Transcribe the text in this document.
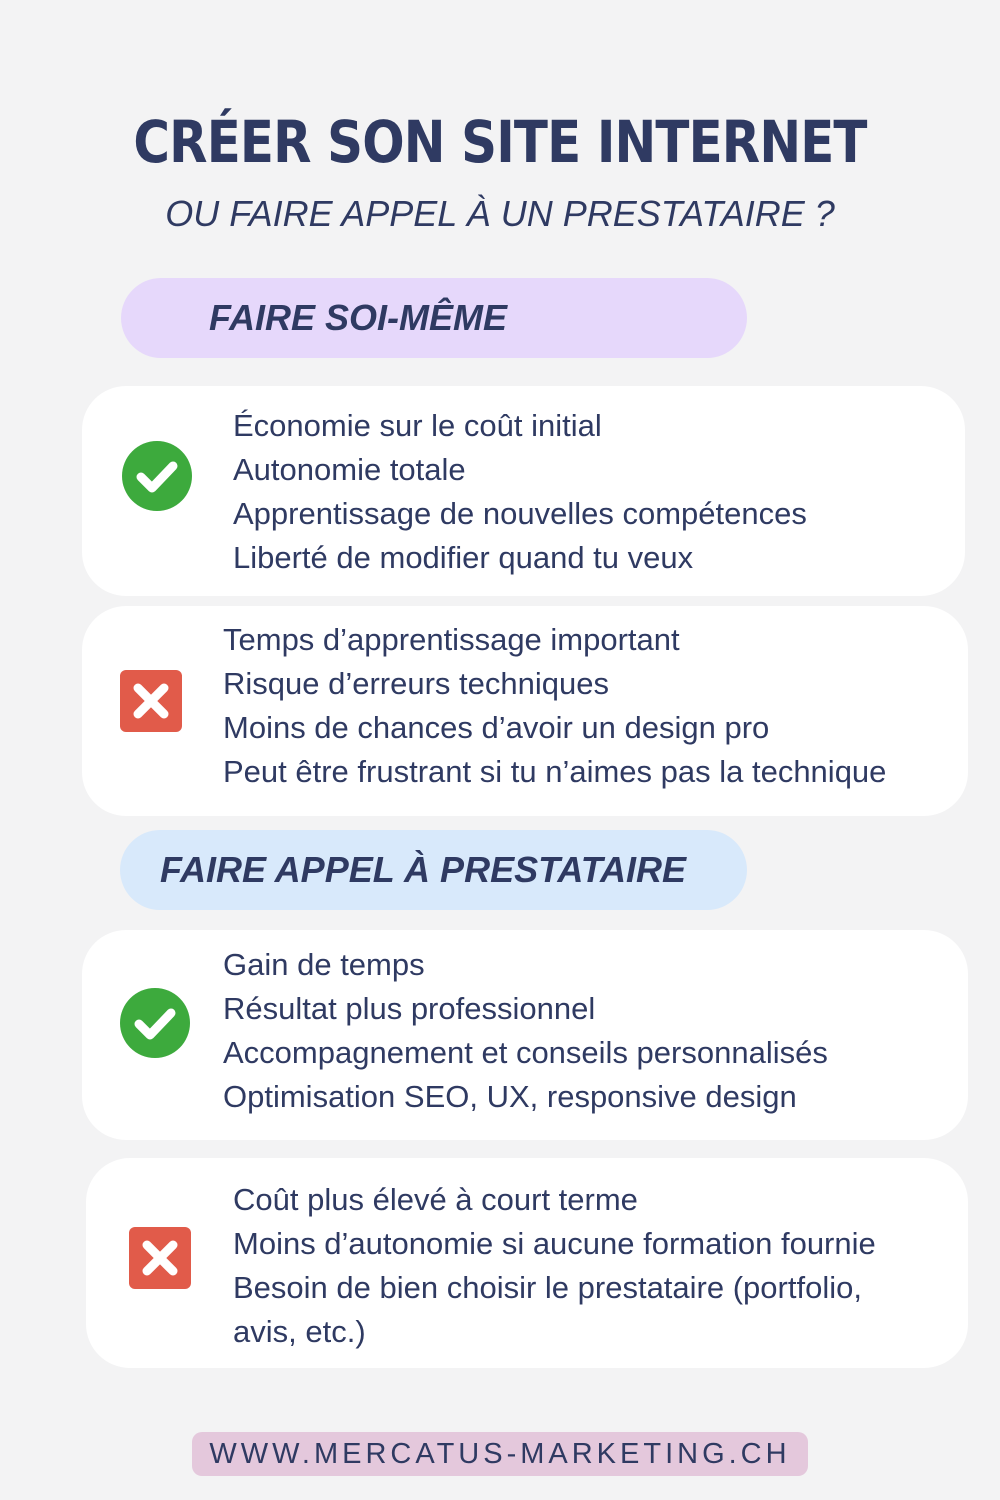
CRÉER SON SITE INTERNET
OU FAIRE APPEL À UN PRESTATAIRE ?
FAIRE SOI-MÊME
Économie sur le coût initial
Autonomie totale
Apprentissage de nouvelles compétences
Liberté de modifier quand tu veux
Temps d’apprentissage important
Risque d’erreurs techniques
Moins de chances d’avoir un design pro
Peut être frustrant si tu n’aimes pas la technique
FAIRE APPEL À PRESTATAIRE
Gain de temps
Résultat plus professionnel
Accompagnement et conseils personnalisés
Optimisation SEO, UX, responsive design
Coût plus élevé à court terme
Moins d’autonomie si aucune formation fournie
Besoin de bien choisir le prestataire (portfolio,
avis, etc.)
WWW.MERCATUS-MARKETING.CH
